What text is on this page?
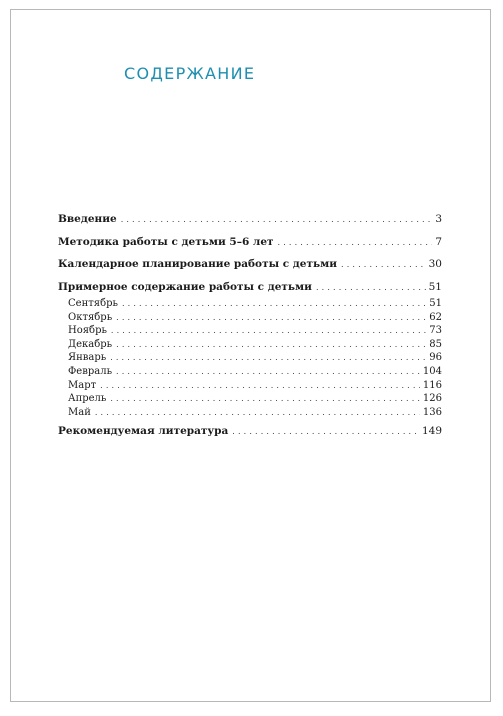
СОДЕРЖАНИЕ
Введение . . .	3
Методика работы с детьми 5–6 лет . . .	7
Календарное планирование работы с детьми . . .	30
Примерное содержание работы с детьми . . .	51
Сентябрь . . .	51
Октябрь . . .	62
Ноябрь . . .	73
Декабрь . . .	85
Январь . . .	96
Февраль . . .	104
Март . . .	116
Апрель . . .	126
Май . . .	136
Рекомендуемая литература . . .	149
